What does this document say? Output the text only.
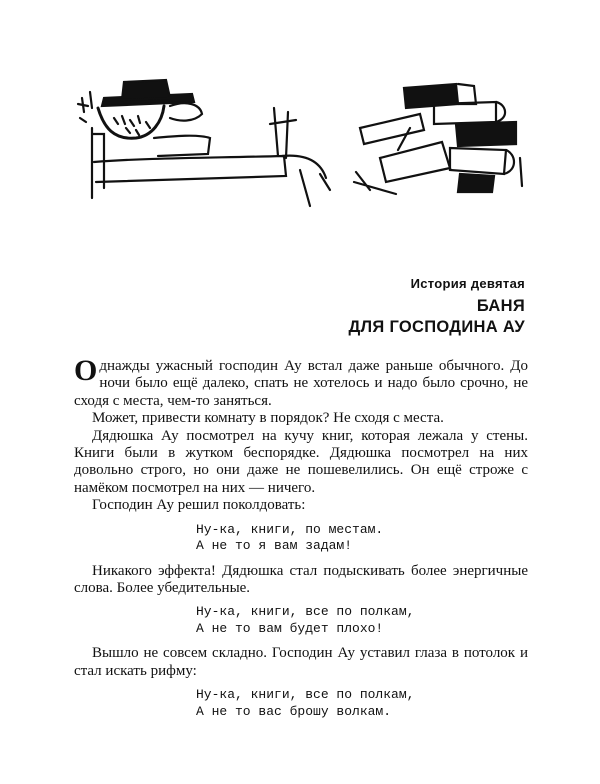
История девятая

БАНЯ
ДЛЯ ГОСПОДИНА АУ

Однажды ужасный господин Ау встал даже раньше обычного. До ночи было ещё далеко, спать не хотелось и надо было срочно, не сходя с места, чем-то заняться.

Может, привести комнату в порядок? Не сходя с места.

Дядюшка Ау посмотрел на кучу книг, которая лежала у стены. Книги были в жутком беспорядке. Дядюшка посмотрел на них довольно строго, но они даже не пошевелились. Он ещё строже с намёком посмотрел на них — ничего.

Господин Ау решил поколдовать:

Ну-ка, книги, по местам.
А не то я вам задам!

Никакого эффекта! Дядюшка стал подыскивать более энергичные слова. Более убедительные.

Ну-ка, книги, все по полкам,
А не то вам будет плохо!

Вышло не совсем складно. Господин Ау уставил глаза в потолок и стал искать рифму:

Ну-ка, книги, все по полкам,
А не то вас брошу волкам.
